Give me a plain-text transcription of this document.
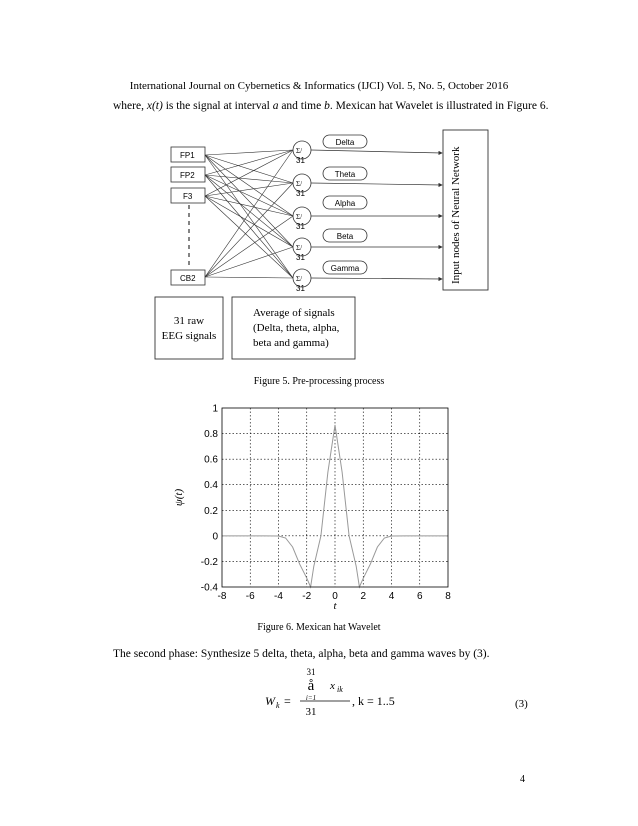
International Journal on Cybernetics & Informatics (IJCI) Vol. 5, No. 5, October 2016
where, x(t) is the signal at interval a and time b. Mexican hat Wavelet is illustrated in Figure 6.
FP1
FP2
F3
CB2
Σ/
Σ/
Σ/
Σ/
Σ/
31
31
31
31
31
Delta
Theta
Alpha
Beta
Gamma	Input nodes of Neural Network
31 raw
EEG signals
Average of signals
(Delta, theta, alpha,
beta and gamma)
Figure 5. Pre-processing process
-8 -6 -4 -2 0 2 4 6 8
-0.4
-0.2
0
0.2
0.4
0.6
0.8
1
t
ψ(t)
Figure 6. Mexican hat Wavelet
The second phase: Synthesize 5 delta, theta, alpha, beta and gamma waves by (3).
31
å x ik
i=1
31
W k =	, k = 1..5	(3)
4
